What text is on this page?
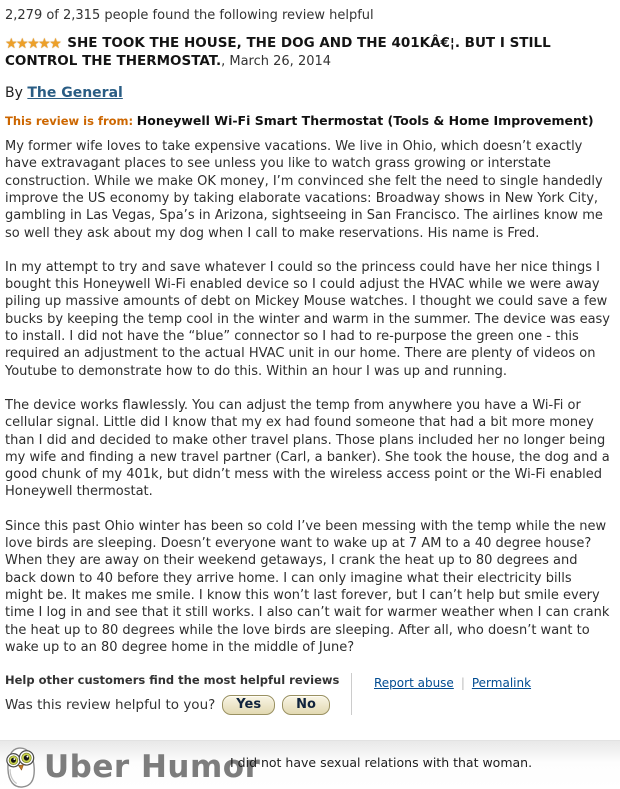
2,279 of 2,315 people found the following review helpful
★★★★★ SHE TOOK THE HOUSE, THE DOG AND THE 401KÂ€¦. BUT I STILL CONTROL THE THERMOSTAT., March 26, 2014
By The General
This review is from: Honeywell Wi-Fi Smart Thermostat (Tools & Home Improvement)

My former wife loves to take expensive vacations. We live in Ohio, which doesn’t exactly have extravagant places to see unless you like to watch grass growing or interstate construction. While we make OK money, I’m convinced she felt the need to single handedly improve the US economy by taking elaborate vacations: Broadway shows in New York City, gambling in Las Vegas, Spa’s in Arizona, sightseeing in San Francisco. The airlines know me so well they ask about my dog when I call to make reservations. His name is Fred.

In my attempt to try and save whatever I could so the princess could have her nice things I bought this Honeywell Wi-Fi enabled device so I could adjust the HVAC while we were away piling up massive amounts of debt on Mickey Mouse watches. I thought we could save a few bucks by keeping the temp cool in the winter and warm in the summer. The device was easy to install. I did not have the “blue” connector so I had to re-purpose the green one - this required an adjustment to the actual HVAC unit in our home. There are plenty of videos on Youtube to demonstrate how to do this. Within an hour I was up and running.

The device works flawlessly. You can adjust the temp from anywhere you have a Wi-Fi or cellular signal. Little did I know that my ex had found someone that had a bit more money than I did and decided to make other travel plans. Those plans included her no longer being my wife and finding a new travel partner (Carl, a banker). She took the house, the dog and a good chunk of my 401k, but didn’t mess with the wireless access point or the Wi-Fi enabled Honeywell thermostat.

Since this past Ohio winter has been so cold I’ve been messing with the temp while the new love birds are sleeping. Doesn’t everyone want to wake up at 7 AM to a 40 degree house? When they are away on their weekend getaways, I crank the heat up to 80 degrees and back down to 40 before they arrive home. I can only imagine what their electricity bills might be. It makes me smile. I know this won’t last forever, but I can’t help but smile every time I log in and see that it still works. I also can’t wait for warmer weather when I can crank the heat up to 80 degrees while the love birds are sleeping. After all, who doesn’t want to wake up to an 80 degree home in the middle of June?

Help other customers find the most helpful reviews
Was this review helpful to you?	Yes	No
Report abuse | Permalink
Uber Humor
I did not have sexual relations with that woman.
